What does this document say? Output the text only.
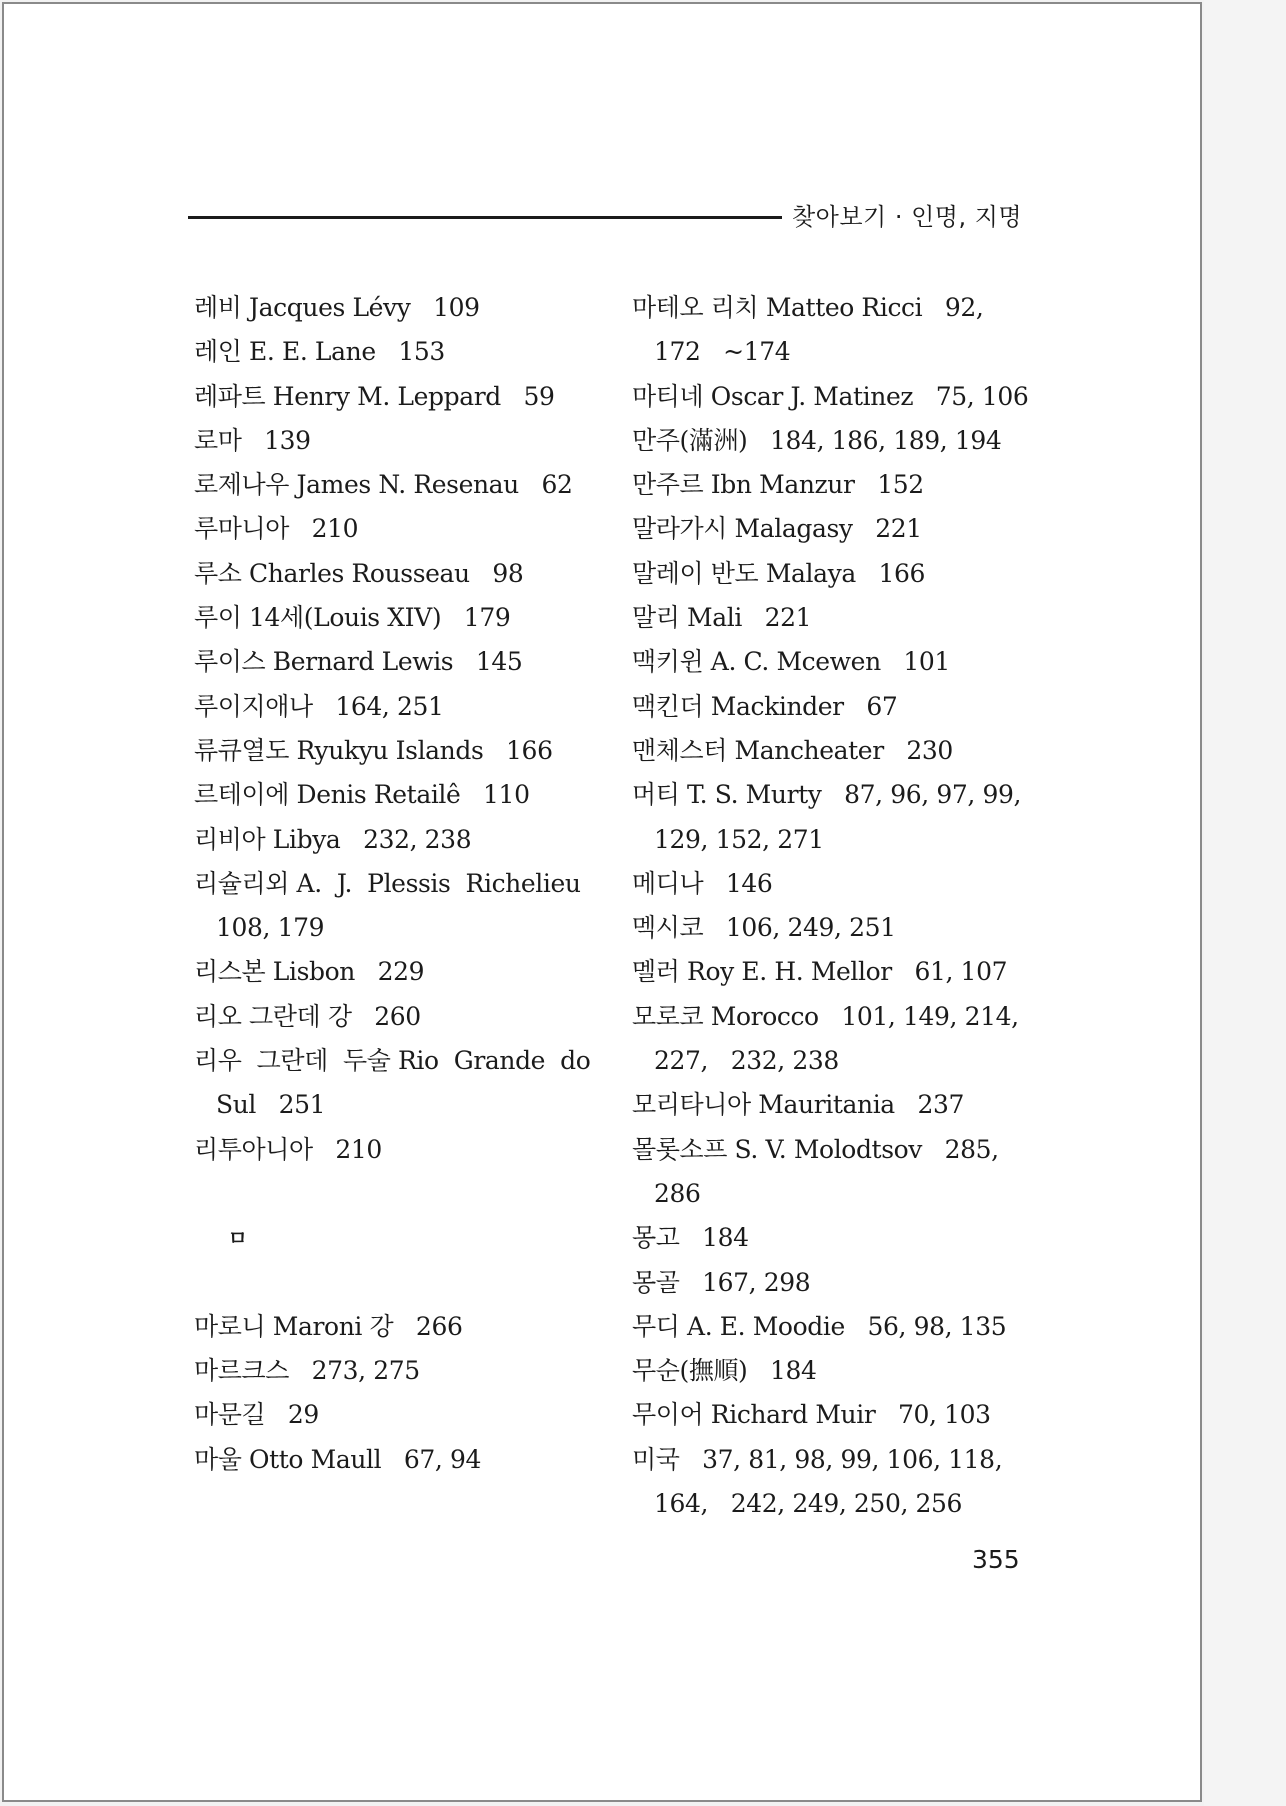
찾아보기 · 인명, 지명
레비 Jacques Lévy   109
레인 E. E. Lane   153
레파트 Henry M. Leppard   59
로마   139
로제나우 James N. Resenau   62
루마니아   210
루소 Charles Rousseau   98
루이 14세(Louis XIV)   179
루이스 Bernard Lewis   145
루이지애나   164, 251
류큐열도 Ryukyu Islands   166
르테이에 Denis Retailê   110
리비아 Libya   232, 238
리슐리외 A.  J.  Plessis  Richelieu   108, 179
리스본 Lisbon   229
리오 그란데 강   260
리우  그란데  두술 Rio  Grande  do   Sul   251
리투아니아   210
ㅁ
마로니 Maroni 강   266
마르크스   273, 275
마문길   29
마울 Otto Maull   67, 94
마테오 리치 Matteo Ricci   92, 172   ~174
마티네 Oscar J. Matinez   75, 106
만주(滿洲)   184, 186, 189, 194
만주르 Ibn Manzur   152
말라가시 Malagasy   221
말레이 반도 Malaya   166
말리 Mali   221
맥키윈 A. C. Mcewen   101
맥킨더 Mackinder   67
맨체스터 Mancheater   230
머티 T. S. Murty   87, 96, 97, 99,   129, 152, 271
메디나   146
멕시코   106, 249, 251
멜러 Roy E. H. Mellor   61, 107
모로코 Morocco   101, 149, 214, 227,   232, 238
모리타니아 Mauritania   237
몰롯소프 S. V. Molodtsov   285, 286
몽고   184
몽골   167, 298
무디 A. E. Moodie   56, 98, 135
무순(撫順)   184
무이어 Richard Muir   70, 103
미국   37, 81, 98, 99, 106, 118, 164,   242, 249, 250, 256
355
